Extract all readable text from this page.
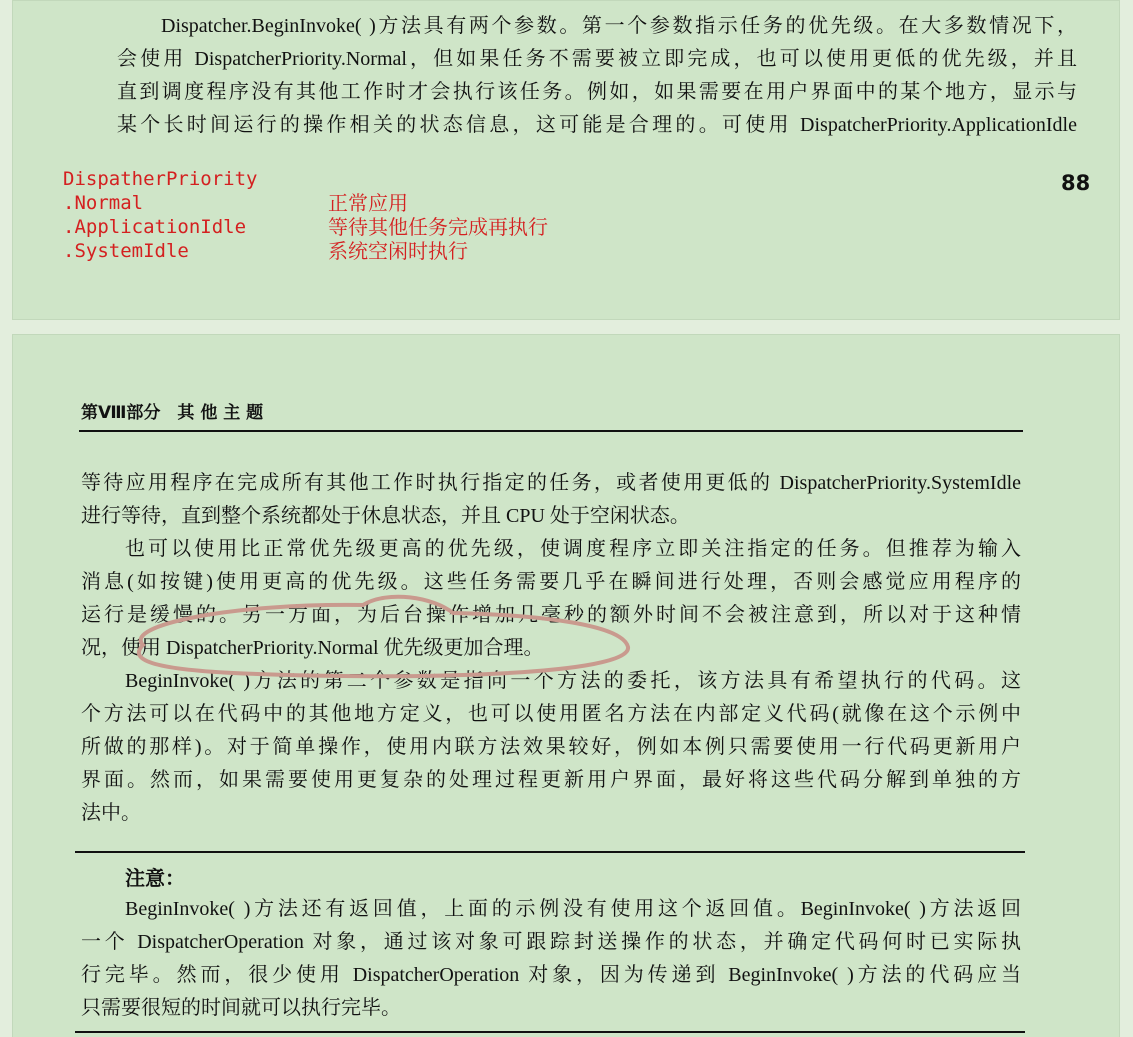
Dispatcher.BeginInvoke( )方法具有两个参数。第一个参数指示任务的优先级。在大多数情况下，
会使用 DispatcherPriority.Normal，但如果任务不需要被立即完成，也可以使用更低的优先级，并且
直到调度程序没有其他工作时才会执行该任务。例如，如果需要在用户界面中的某个地方，显示与
某个长时间运行的操作相关的状态信息，这可能是合理的。可使用 DispatcherPriority.ApplicationIdle

DispatherPriority
.Normal
.ApplicationIdle
.SystemIdle
正常应用
等待其他任务完成再执行
系统空闲时执行
88
第Ⅷ部分　其 他 主 题

等待应用程序在完成所有其他工作时执行指定的任务，或者使用更低的 DispatcherPriority.SystemIdle
进行等待，直到整个系统都处于休息状态，并且 CPU 处于空闲状态。
也可以使用比正常优先级更高的优先级，使调度程序立即关注指定的任务。但推荐为输入
消息(如按键)使用更高的优先级。这些任务需要几乎在瞬间进行处理，否则会感觉应用程序的
运行是缓慢的。另一方面，为后台操作增加几毫秒的额外时间不会被注意到，所以对于这种情
况，使用 DispatcherPriority.Normal 优先级更加合理。
BeginInvoke( )方法的第二个参数是指向一个方法的委托，该方法具有希望执行的代码。这
个方法可以在代码中的其他地方定义，也可以使用匿名方法在内部定义代码(就像在这个示例中
所做的那样)。对于简单操作，使用内联方法效果较好，例如本例只需要使用一行代码更新用户
界面。然而，如果需要使用更复杂的处理过程更新用户界面，最好将这些代码分解到单独的方
法中。

注意：

BeginInvoke( )方法还有返回值，上面的示例没有使用这个返回值。BeginInvoke( )方法返回
一个 DispatcherOperation 对象，通过该对象可跟踪封送操作的状态，并确定代码何时已实际执
行完毕。然而，很少使用 DispatcherOperation 对象，因为传递到 BeginInvoke( )方法的代码应当
只需要很短的时间就可以执行完毕。
